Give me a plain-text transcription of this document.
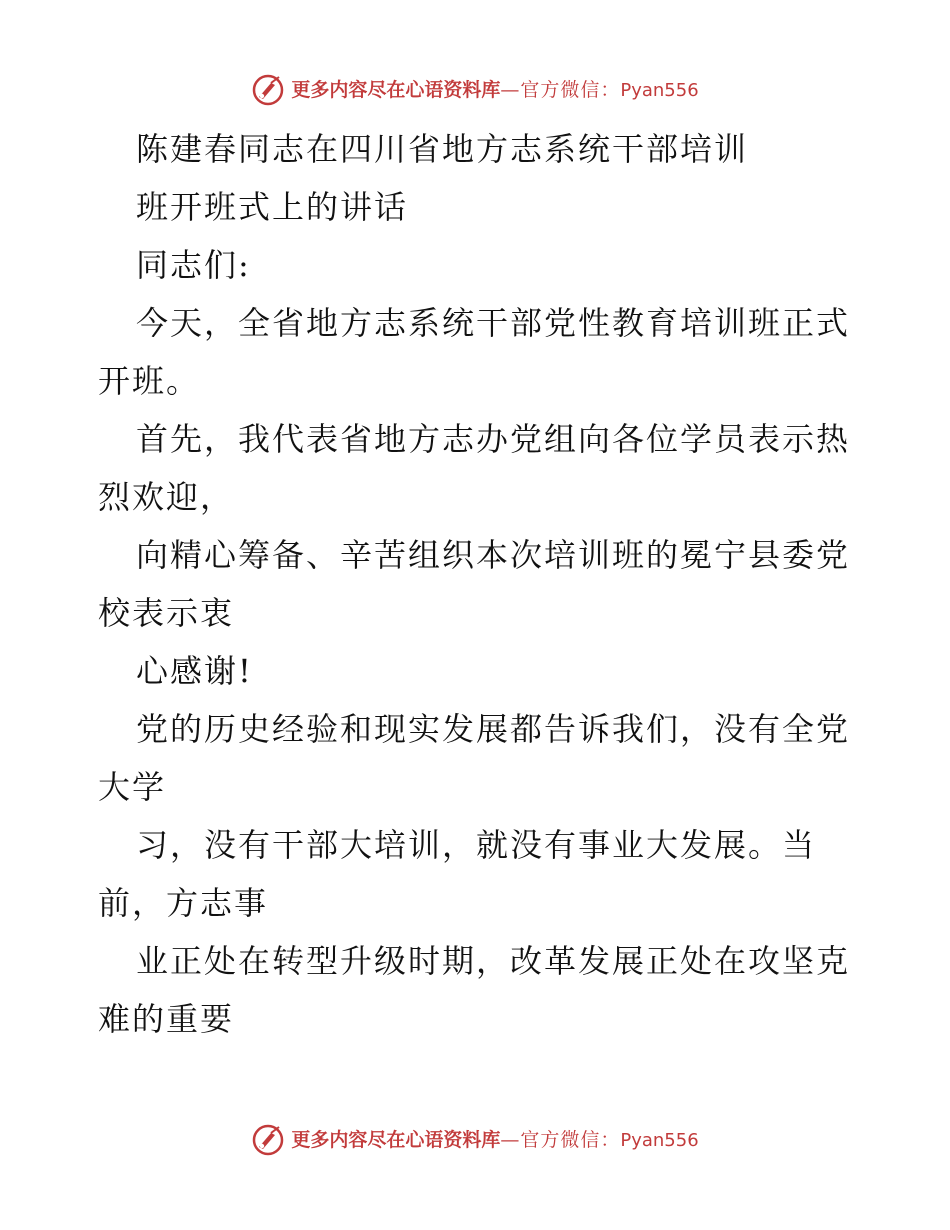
更多内容尽在心语资料库—官方微信：Pyan556
陈建春同志在四川省地方志系统干部培训
班开班式上的讲话
同志们:
今天，全省地方志系统干部党性教育培训班正式
开班。
首先，我代表省地方志办党组向各位学员表示热
烈欢迎，
向精心筹备、辛苦组织本次培训班的冕宁县委党
校表示衷
心感谢!
党的历史经验和现实发展都告诉我们，没有全党
大学
习，没有干部大培训，就没有事业大发展。当
前，方志事
业正处在转型升级时期，改革发展正处在攻坚克
难的重要
更多内容尽在心语资料库—官方微信：Pyan556
